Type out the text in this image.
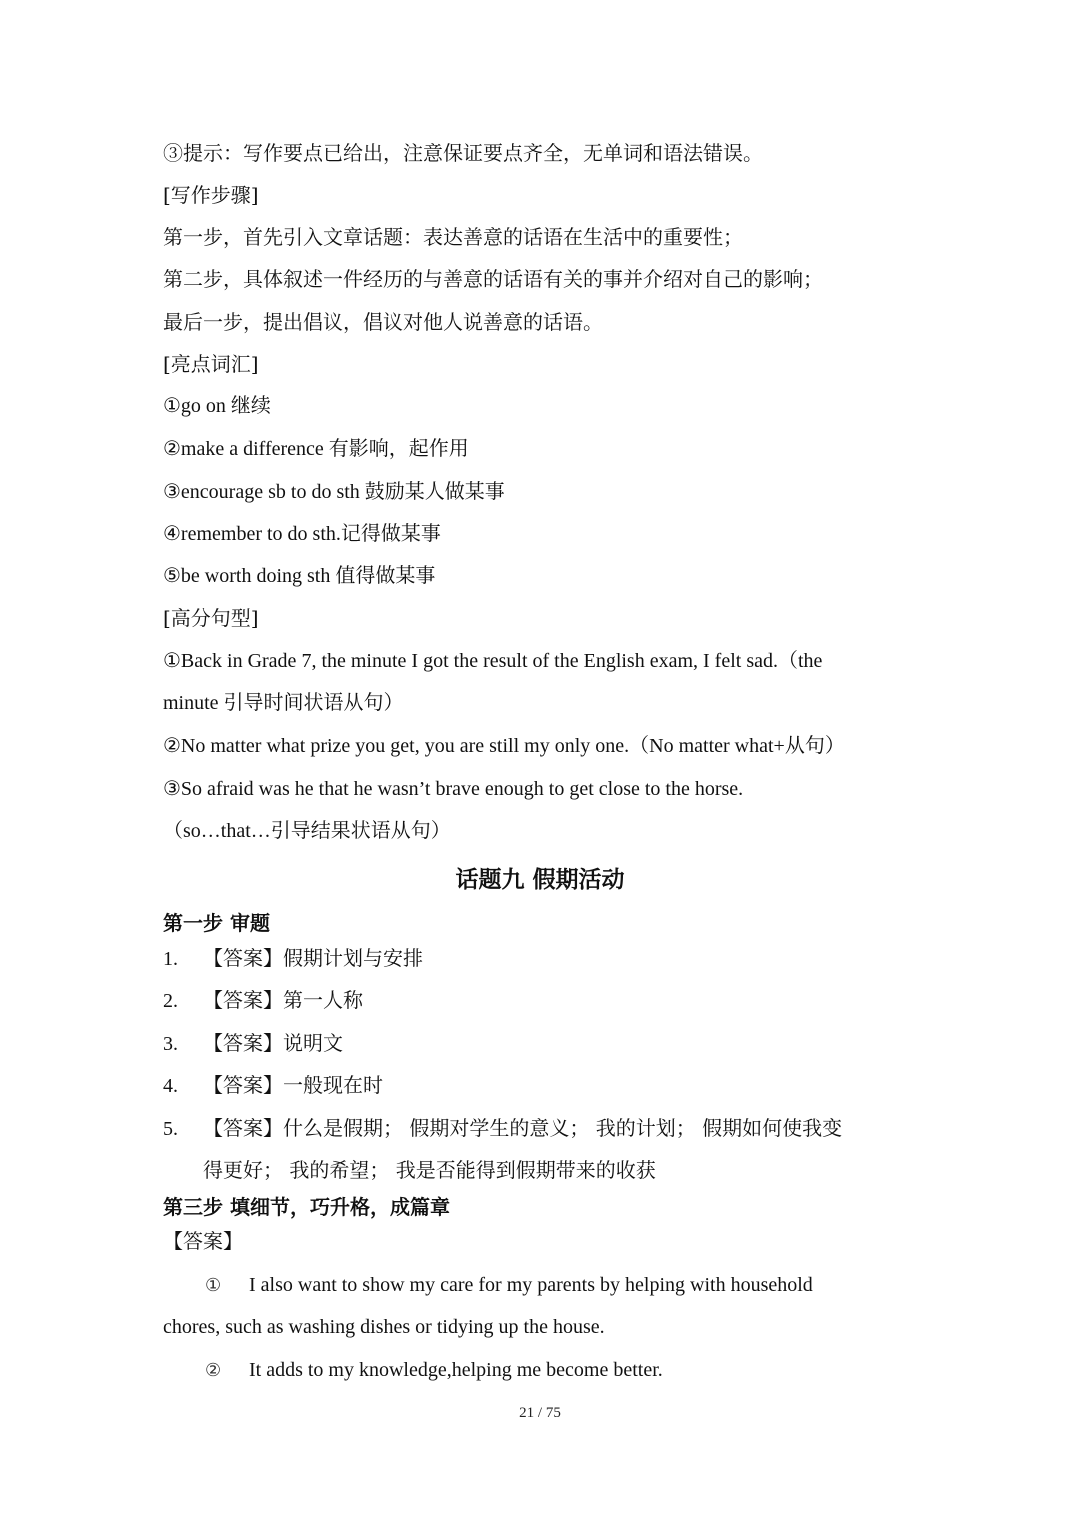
③提示：写作要点已给出，注意保证要点齐全，无单词和语法错误。
[写作步骤]
第一步，首先引入文章话题：表达善意的话语在生活中的重要性；
第二步，具体叙述一件经历的与善意的话语有关的事并介绍对自己的影响；
最后一步，提出倡议，倡议对他人说善意的话语。
[亮点词汇]
①go on 继续
②make a difference 有影响，起作用
③encourage sb to do sth 鼓励某人做某事
④remember to do sth.记得做某事
⑤be worth doing sth 值得做某事
[高分句型]
①Back in Grade 7, the minute I got the result of the English exam, I felt sad.（the
minute 引导时间状语从句）
②No matter what prize you get, you are still my only one.（No matter what+从句）
③So afraid was he that he wasn’t brave enough to get close to the horse.
（so…that…引导结果状语从句）
话题九 假期活动
第一步 审题
1. 【答案】假期计划与安排
2. 【答案】第一人称
3. 【答案】说明文
4. 【答案】一般现在时
5. 【答案】什么是假期； 假期对学生的意义； 我的计划； 假期如何使我变
得更好； 我的希望； 我是否能得到假期带来的收获
第三步 填细节，巧升格，成篇章
【答案】
① I also want to show my care for my parents by helping with household
chores, such as washing dishes or tidying up the house.
② It adds to my knowledge,helping me become better.
21 / 75
